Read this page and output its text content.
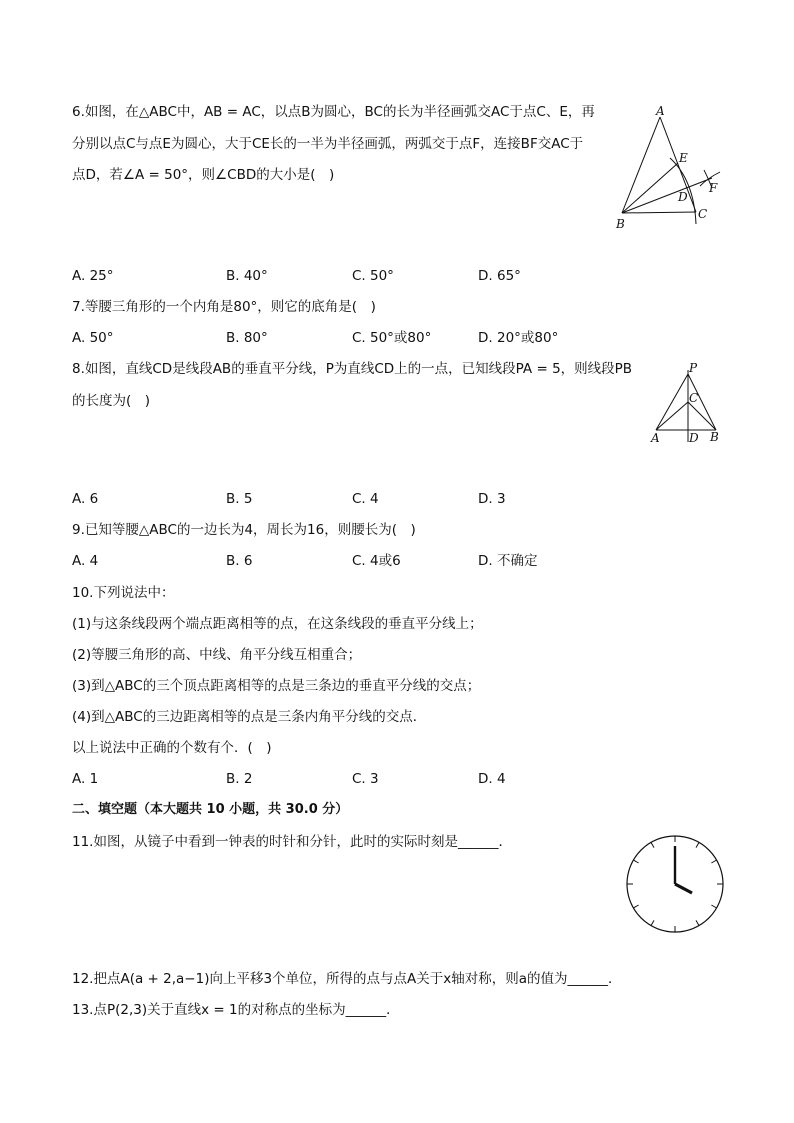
6.如图，在△ABC中，AB = AC，以点B为圆心，BC的长为半径画弧交AC于点C、E，再
分别以点C与点E为圆心，大于CE长的一半为半径画弧，两弧交于点F，连接BF交AC于
点D，若∠A = 50°，则∠CBD的大小是(　)
A
E
F
D
C
B
A. 25°	B. 40°	C. 50°	D. 65°
7.等腰三角形的一个内角是80°，则它的底角是(　)
A. 50°	B. 80°	C. 50°或80°	D. 20°或80°
8.如图，直线CD是线段AB的垂直平分线，P为直线CD上的一点，已知线段PA = 5，则线段PB
的长度为(　)
P
C
A D B
A. 6	B. 5	C. 4	D. 3
9.已知等腰△ABC的一边长为4，周长为16，则腰长为(　)
A. 4	B. 6	C. 4或6	D. 不确定
10.下列说法中：
(1)与这条线段两个端点距离相等的点，在这条线段的垂直平分线上；
(2)等腰三角形的高、中线、角平分线互相重合；
(3)到△ABC的三个顶点距离相等的点是三条边的垂直平分线的交点；
(4)到△ABC的三边距离相等的点是三条内角平分线的交点．
以上说法中正确的个数有个．(　)
A. 1	B. 2	C. 3	D. 4
二、填空题（本大题共 10 小题，共 30.0 分）
11.如图，从镜子中看到一钟表的时针和分针，此时的实际时刻是______．
12.把点A(a + 2,a−1)向上平移3个单位，所得的点与点A关于x轴对称，则a的值为______．
13.点P(2,3)关于直线x = 1的对称点的坐标为______．
